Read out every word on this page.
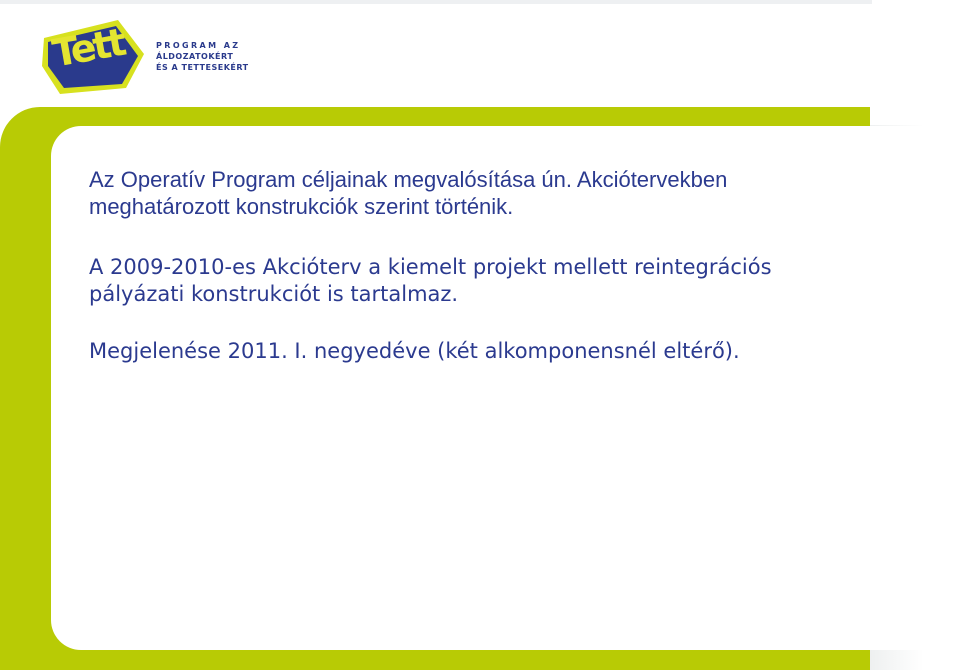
Tett	PROGRAM AZ
ÁLDOZATOKÉRT
ÉS A TETTESEKÉRT

Az Operatív Program céljainak megvalósítása ún. Akciótervekben meghatározott konstrukciók szerint történik.

A 2009-2010-es Akcióterv a kiemelt projekt mellett reintegrációs pályázati konstrukciót is tartalmaz.

Megjelenése 2011. I. negyedéve (két alkomponensnél eltérő).
